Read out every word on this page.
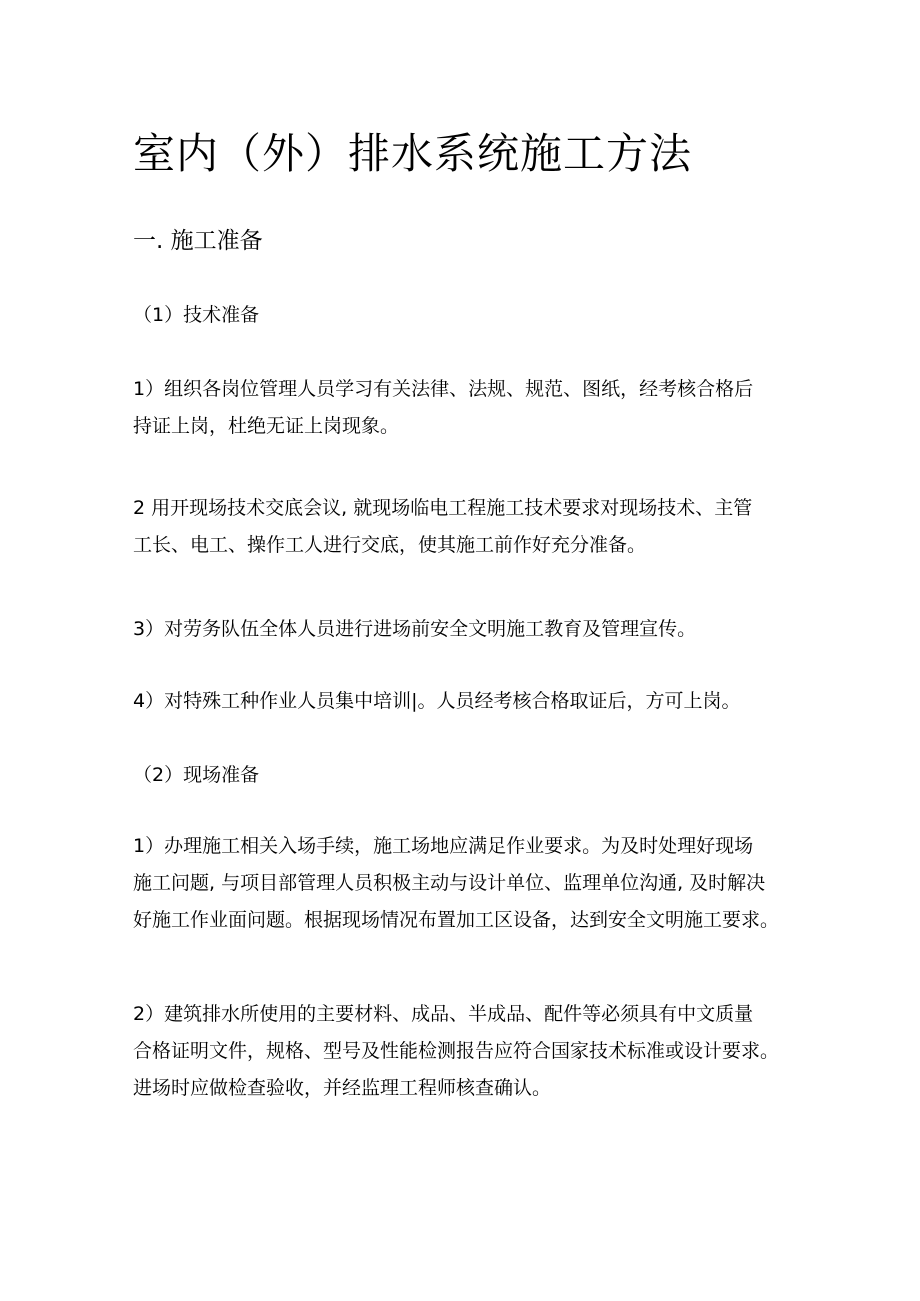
室内（外）排水系统施工方法
一. 施工准备
（1）技术准备

1）组织各岗位管理人员学习有关法律、法规、规范、图纸，经考核合格后
持证上岗，杜绝无证上岗现象。

2 用开现场技术交底会议, 就现场临电工程施工技术要求对现场技术、主管
工长、电工、操作工人进行交底，使其施工前作好充分准备。

3）对劳务队伍全体人员进行进场前安全文明施工教育及管理宣传。

4）对特殊工种作业人员集中培训|。人员经考核合格取证后，方可上岗。

（2）现场准备

1）办理施工相关入场手续，施工场地应满足作业要求。为及时处理好现场
施工问题, 与项目部管理人员积极主动与设计单位、监理单位沟通, 及时解决
好施工作业面问题。根据现场情况布置加工区设备，达到安全文明施工要求。

2）建筑排水所使用的主要材料、成品、半成品、配件等必须具有中文质量
合格证明文件，规格、型号及性能检测报告应符合国家技术标准或设计要求。
进场时应做检查验收，并经监理工程师核查确认。
